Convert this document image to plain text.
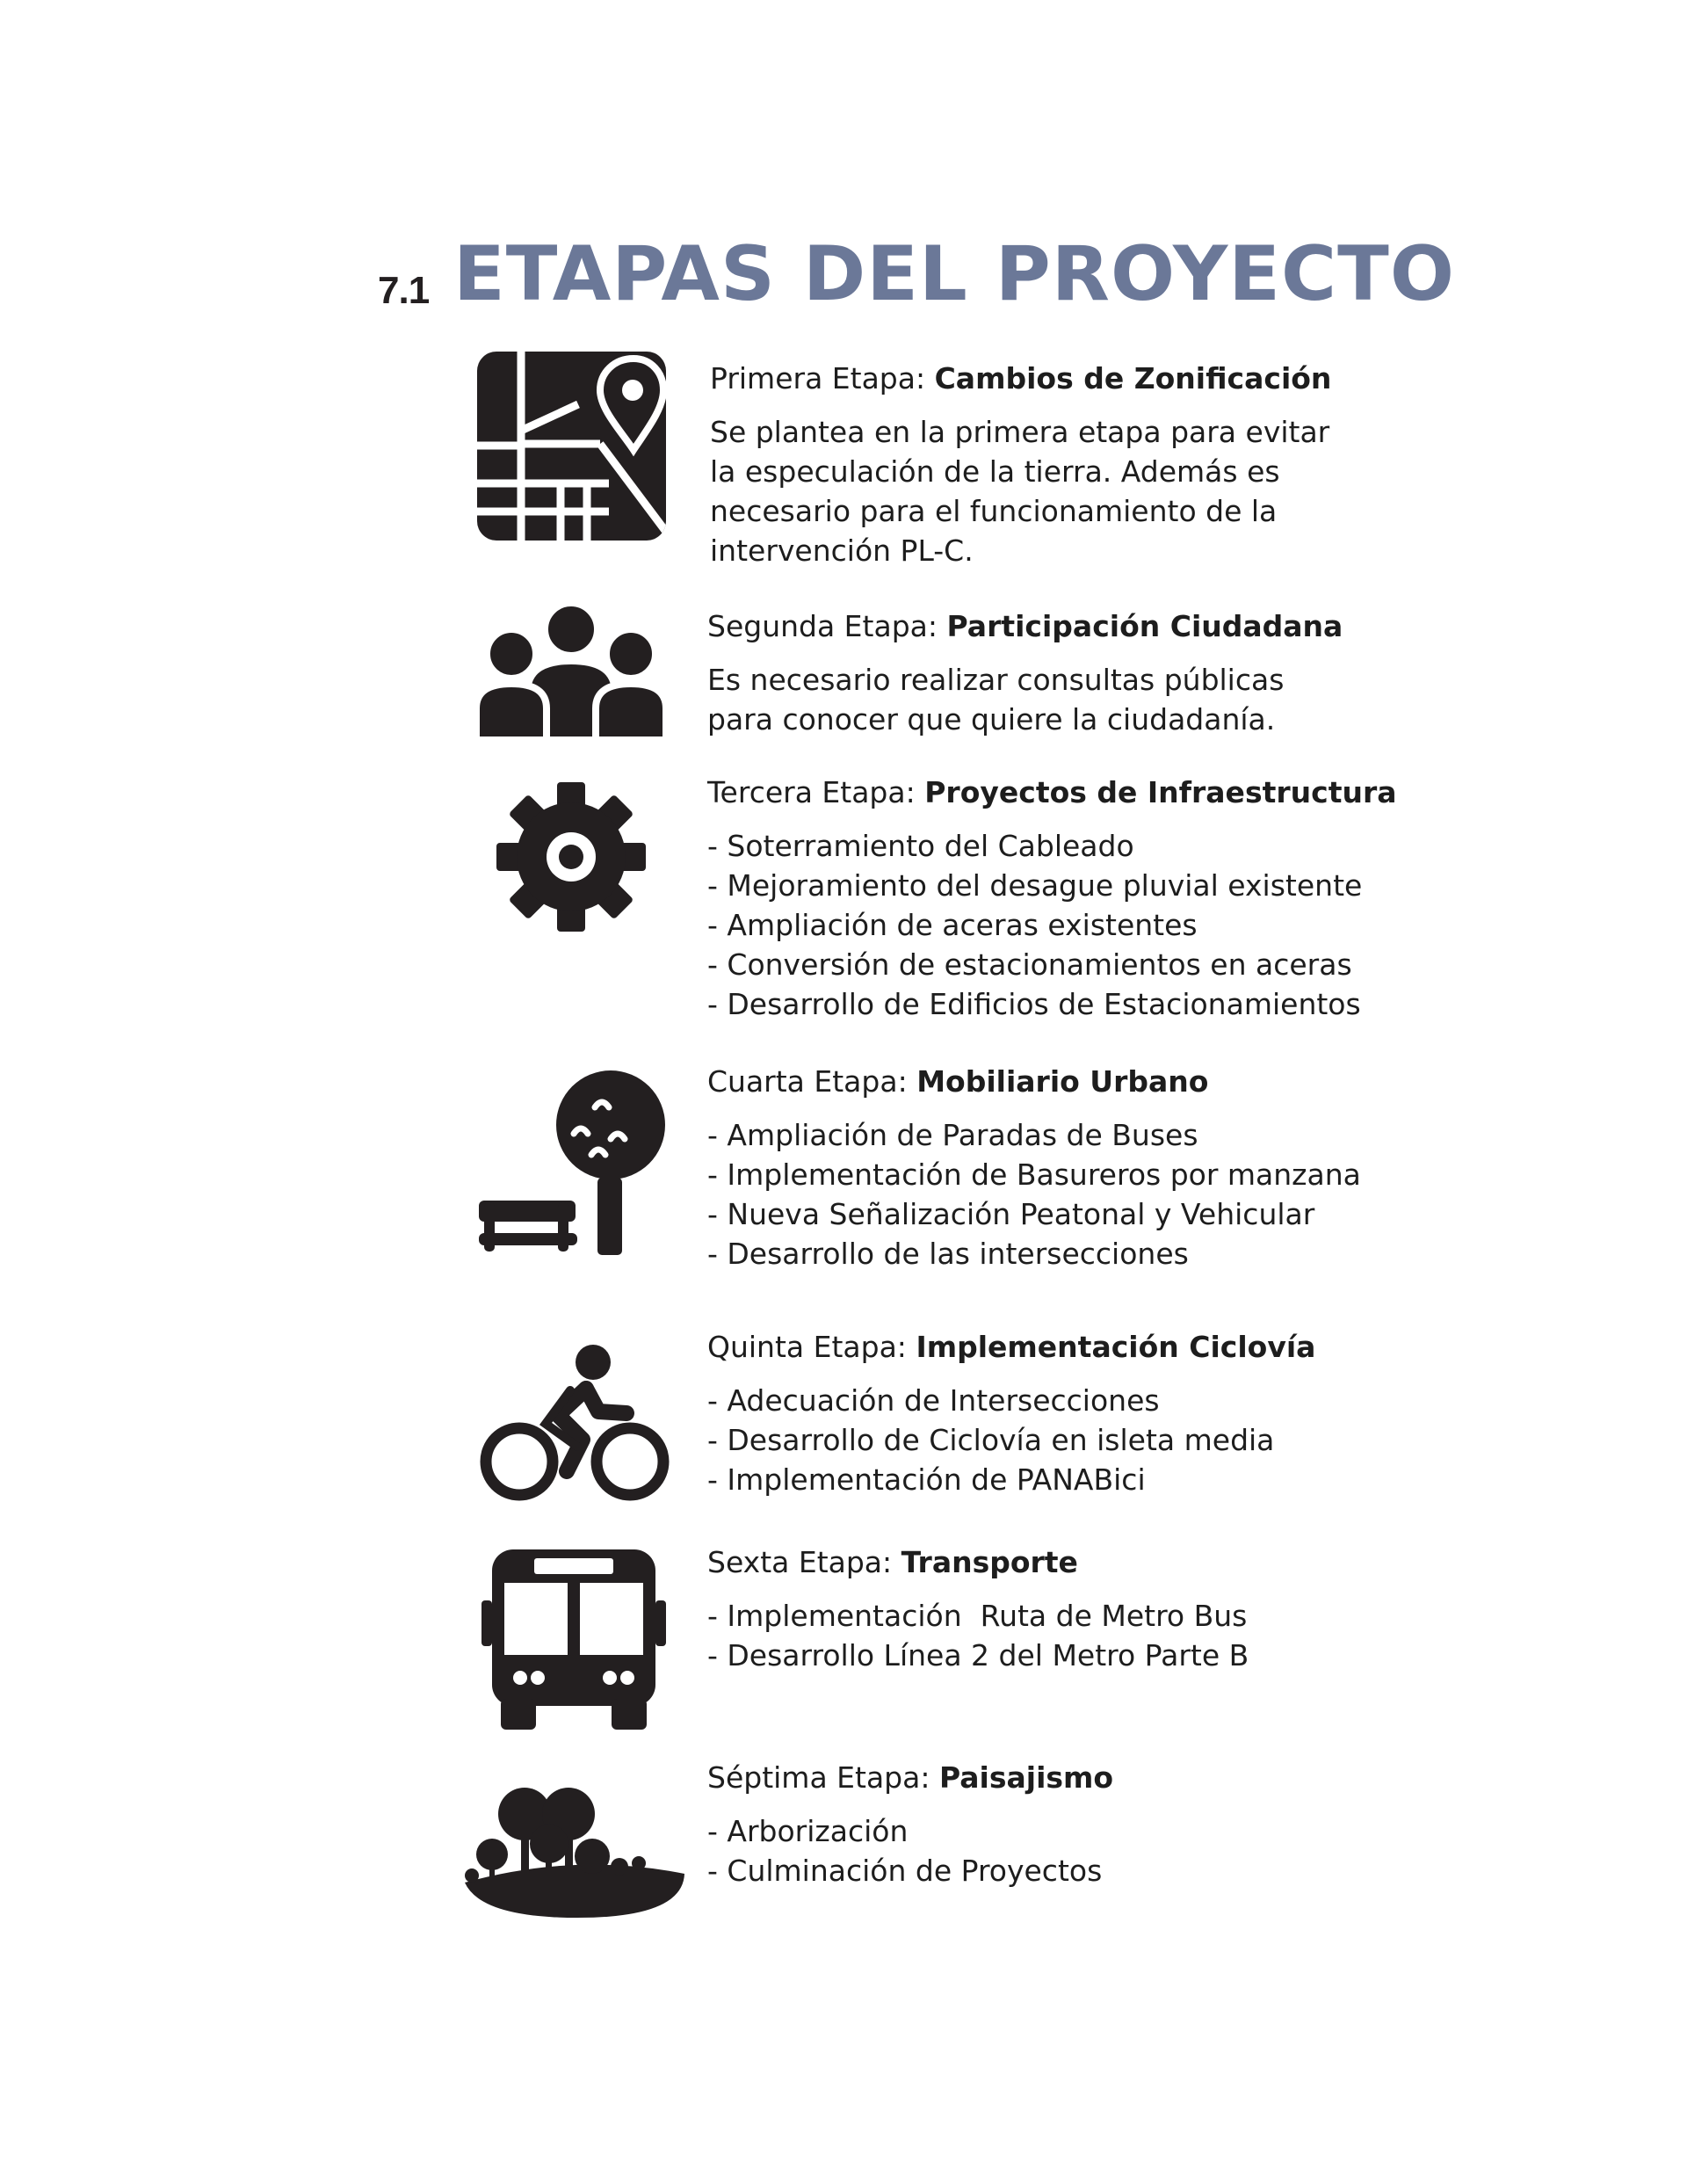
7.1 ETAPAS DEL PROYECTO

Primera Etapa: Cambios de Zonificación

Se plantea en la primera etapa para evitar la especulación de la tierra. Además es necesario para el funcionamiento de la intervención PL-C.

Segunda Etapa: Participación Ciudadana

Es necesario realizar consultas públicas para conocer que quiere la ciudadanía.

Tercera Etapa: Proyectos de Infraestructura

- Soterramiento del Cableado
- Mejoramiento del desague pluvial existente
- Ampliación de aceras existentes
- Conversión de estacionamientos en aceras
- Desarrollo de Edificios de Estacionamientos

Cuarta Etapa: Mobiliario Urbano

- Ampliación de Paradas de Buses
- Implementación de Basureros por manzana
- Nueva Señalización Peatonal y Vehicular
- Desarrollo de las intersecciones

Quinta Etapa: Implementación Ciclovía

- Adecuación de Intersecciones
- Desarrollo de Ciclovía en isleta media
- Implementación de PANABici

Sexta Etapa: Transporte

- Implementación  Ruta de Metro Bus
- Desarrollo Línea 2 del Metro Parte B

Séptima Etapa: Paisajismo

- Arborización
- Culminación de Proyectos
